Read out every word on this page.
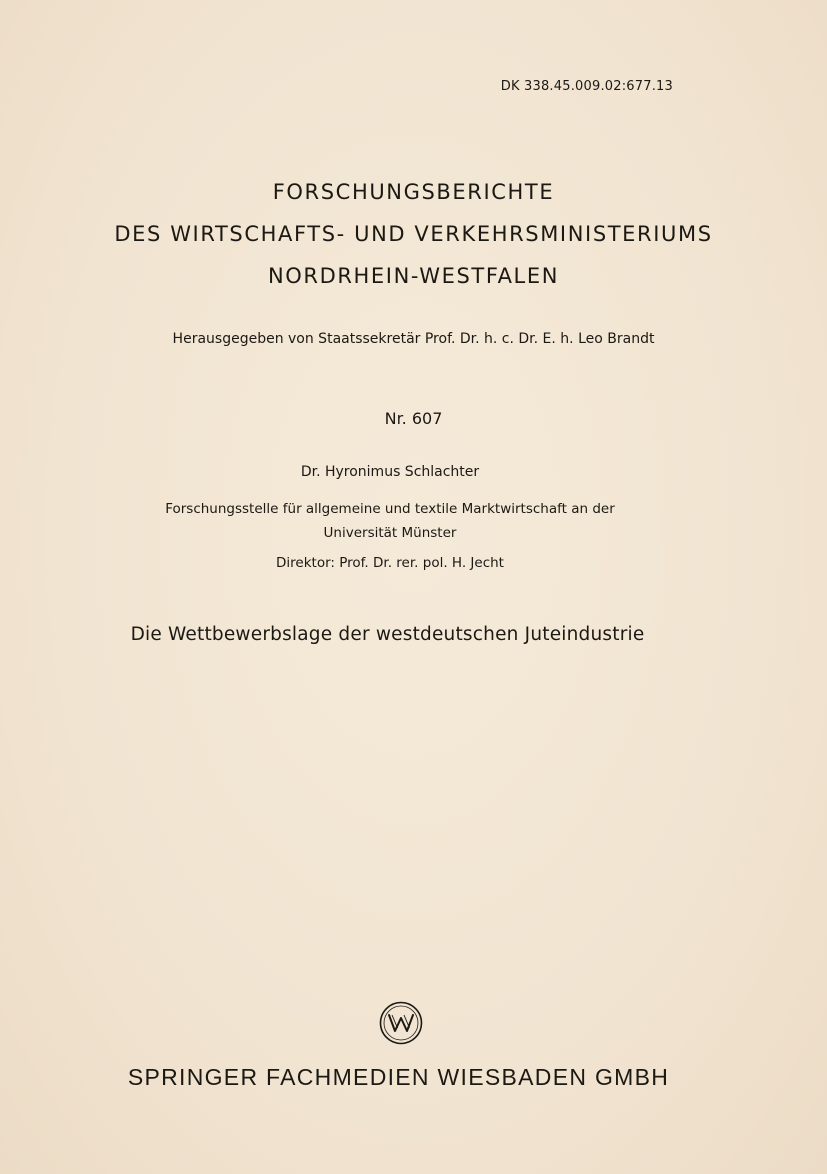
DK 338.45.009.02:677.13
FORSCHUNGSBERICHTE
DES WIRTSCHAFTS- UND VERKEHRSMINISTERIUMS
NORDRHEIN-WESTFALEN
Herausgegeben von Staatssekretär Prof. Dr. h. c. Dr. E. h. Leo Brandt
Nr. 607
Dr. Hyronimus Schlachter
Forschungsstelle für allgemeine und textile Marktwirtschaft an der
Universität Münster
Direktor: Prof. Dr. rer. pol. H. Jecht
Die Wettbewerbslage der westdeutschen Juteindustrie
SPRINGER FACHMEDIEN WIESBADEN GMBH
